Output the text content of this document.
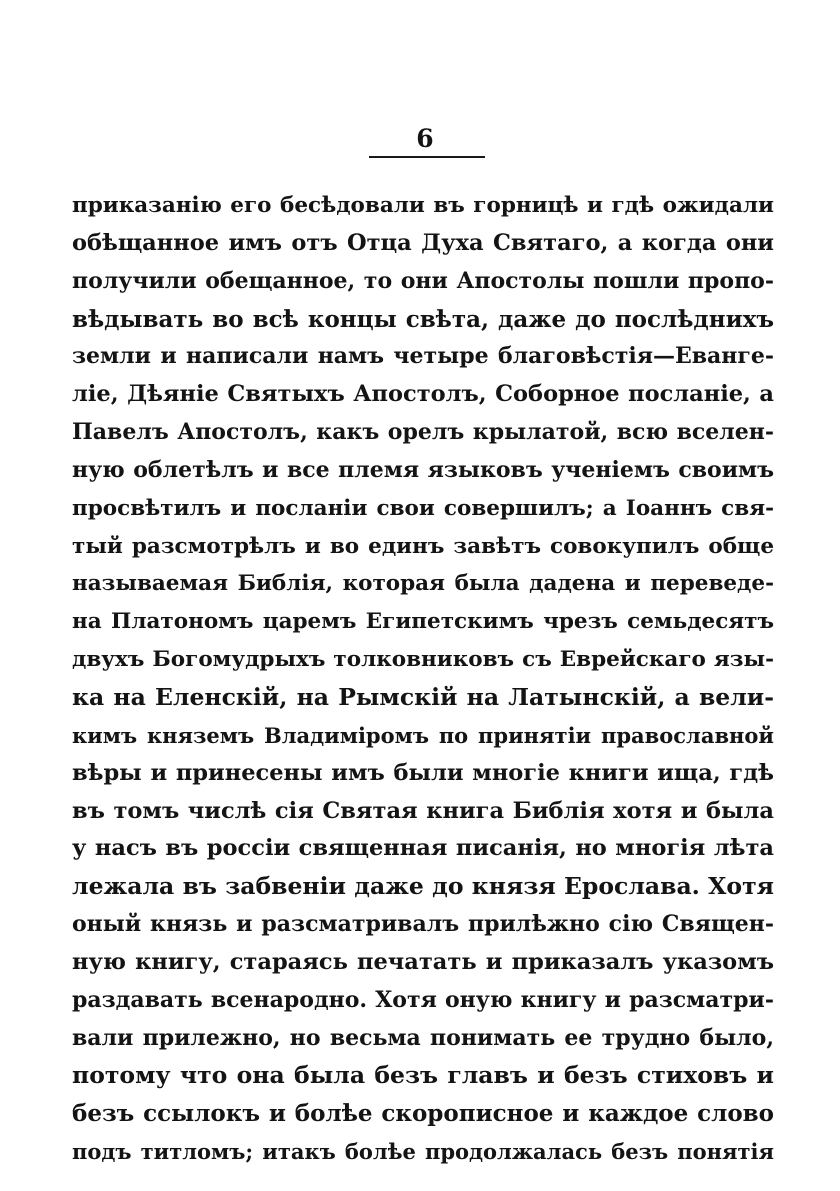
6
приказанію его бесѣдовали въ горницѣ и гдѣ ожидали
обѣщанное имъ отъ Отца Духа Святаго, а когда они
получили обещанное, то они Апостолы пошли пропо-
вѣдывать во всѣ концы свѣта, даже до послѣднихъ
земли и написали намъ четыре благовѣстія—Еванге-
ліе, Дѣяніе Святыхъ Апостолъ, Соборное посланіе, а
Павелъ Апостолъ, какъ орелъ крылатой, всю вселен-
ную облетѣлъ и все племя языковъ ученіемъ своимъ
просвѣтилъ и посланіи свои совершилъ; а Іоаннъ свя-
тый разсмотрѣлъ и во единъ завѣтъ совокупилъ обще
называемая Библія, которая была дадена и переведе-
на Платономъ царемъ Египетскимъ чрезъ семьдесятъ
двухъ Богомудрыхъ толковниковъ съ Еврейскаго язы-
ка на Еленскій, на Рымскій на Латынскій, а вели-
кимъ княземъ Владиміромъ по принятіи православной
вѣры и принесены имъ были многіе книги ища, гдѣ
въ томъ числѣ сія Святая книга Библія хотя и была
у насъ въ россіи священная писанія, но многія лѣта
лежала въ забвеніи даже до князя Ерослава. Хотя
оный князь и разсматривалъ прилѣжно сію Священ-
ную книгу, стараясь печатать и приказалъ указомъ
раздавать всенародно. Хотя оную книгу и разсматри-
вали прилежно, но весьма понимать ее трудно было,
потому что она была безъ главъ и безъ стиховъ и
безъ ссылокъ и болѣе скорописное и каждое слово
подъ титломъ; итакъ болѣе продолжалась безъ понятія
